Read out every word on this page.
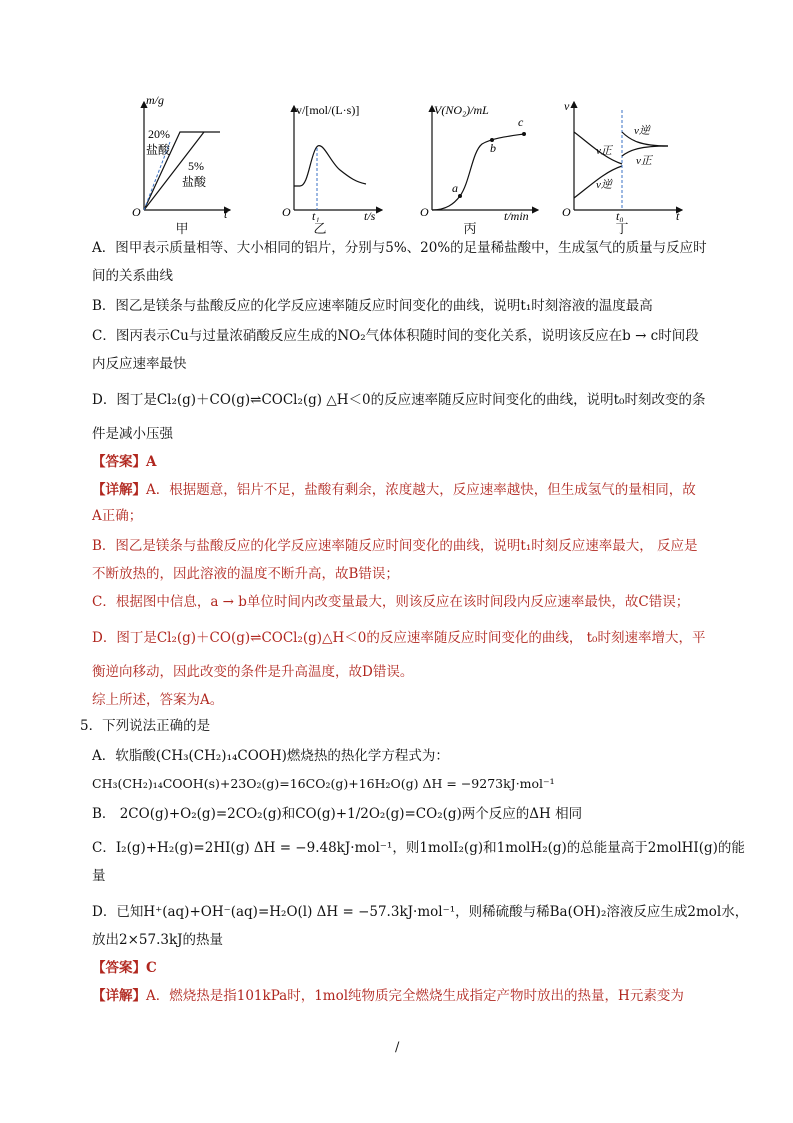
m/g
20%
盐酸
5%
盐酸
O	t
甲
v/[mol/(L·s)]
O t₁	t/s
乙
V(NO₂)/mL
a
b
c
O	t/min
丙
v
v正
v逆
v逆
v正
O	t₀	t
丁
A．图甲表示质量相等、大小相同的铝片，分别与5%、20%的足量稀盐酸中，生成氢气的质量与反应时
间的关系曲线
B．图乙是镁条与盐酸反应的化学反应速率随反应时间变化的曲线，说明t₁时刻溶液的温度最高
C．图丙表示Cu与过量浓硝酸反应生成的NO₂气体体积随时间的变化关系，说明该反应在b → c时间段
内反应速率最快
D．图丁是Cl₂(g)＋CO(g)⇌COCl₂(g) △H＜0的反应速率随反应时间变化的曲线，说明t₀时刻改变的条
件是减小压强
【答案】A
【详解】A．根据题意，铝片不足，盐酸有剩余，浓度越大，反应速率越快，但生成氢气的量相同，故
A正确；
B．图乙是镁条与盐酸反应的化学反应速率随反应时间变化的曲线，说明t₁时刻反应速率最大， 反应是
不断放热的，因此溶液的温度不断升高，故B错误；
C．根据图中信息，a → b单位时间内改变量最大，则该反应在该时间段内反应速率最快，故C错误；
D．图丁是Cl₂(g)＋CO(g)⇌COCl₂(g)△H＜0的反应速率随反应时间变化的曲线， t₀时刻速率增大，平
衡逆向移动，因此改变的条件是升高温度，故D错误。
综上所述，答案为A。
5．下列说法正确的是
A．软脂酸(CH₃(CH₂)₁₄COOH)燃烧热的热化学方程式为：
CH₃(CH₂)₁₄COOH(s)+23O₂(g)=16CO₂(g)+16H₂O(g) ΔH = −9273kJ·mol⁻¹
B． 2CO(g)+O₂(g)=2CO₂(g)和CO(g)+1/2O₂(g)=CO₂(g)两个反应的ΔH 相同
C．I₂(g)+H₂(g)=2HI(g) ΔH = −9.48kJ·mol⁻¹，则1molI₂(g)和1molH₂(g)的总能量高于2molHI(g)的能
量
D．已知H⁺(aq)+OH⁻(aq)=H₂O(l) ΔH = −57.3kJ·mol⁻¹，则稀硫酸与稀Ba(OH)₂溶液反应生成2mol水，
放出2×57.3kJ的热量
【答案】C
【详解】A．燃烧热是指101kPa时，1mol纯物质完全燃烧生成指定产物时放出的热量，H元素变为
/
